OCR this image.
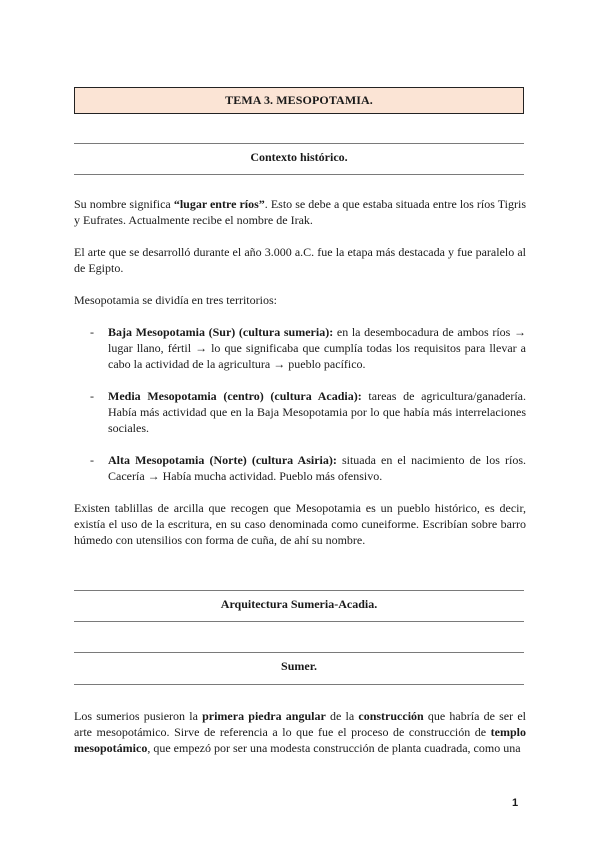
TEMA 3. MESOPOTAMIA.
Contexto histórico.

Su nombre significa “lugar entre ríos”. Esto se debe a que estaba situada entre los ríos Tigris y Eufrates. Actualmente recibe el nombre de Irak.

El arte que se desarrolló durante el año 3.000 a.C. fue la etapa más destacada y fue paralelo al de Egipto.

Mesopotamia se dividía en tres territorios:

- Baja Mesopotamia (Sur) (cultura sumeria): en la desembocadura de ambos ríos → lugar llano, fértil → lo que significaba que cumplía todas los requisitos para llevar a cabo la actividad de la agricultura → pueblo pacífico.
- Media Mesopotamia (centro) (cultura Acadia): tareas de agricultura/ganadería. Había más actividad que en la Baja Mesopotamia por lo que había más interrelaciones sociales.
- Alta Mesopotamia (Norte) (cultura Asiria): situada en el nacimiento de los ríos. Cacería → Había mucha actividad. Pueblo más ofensivo.

Existen tablillas de arcilla que recogen que Mesopotamia es un pueblo histórico, es decir, existía el uso de la escritura, en su caso denominada como cuneiforme. Escribían sobre barro húmedo con utensilios con forma de cuña, de ahí su nombre.

Arquitectura Sumeria-Acadia.
Sumer.

Los sumerios pusieron la primera piedra angular de la construcción que habría de ser el arte mesopotámico. Sirve de referencia a lo que fue el proceso de construcción de templo mesopotámico, que empezó por ser una modesta construcción de planta cuadrada, como una

1
